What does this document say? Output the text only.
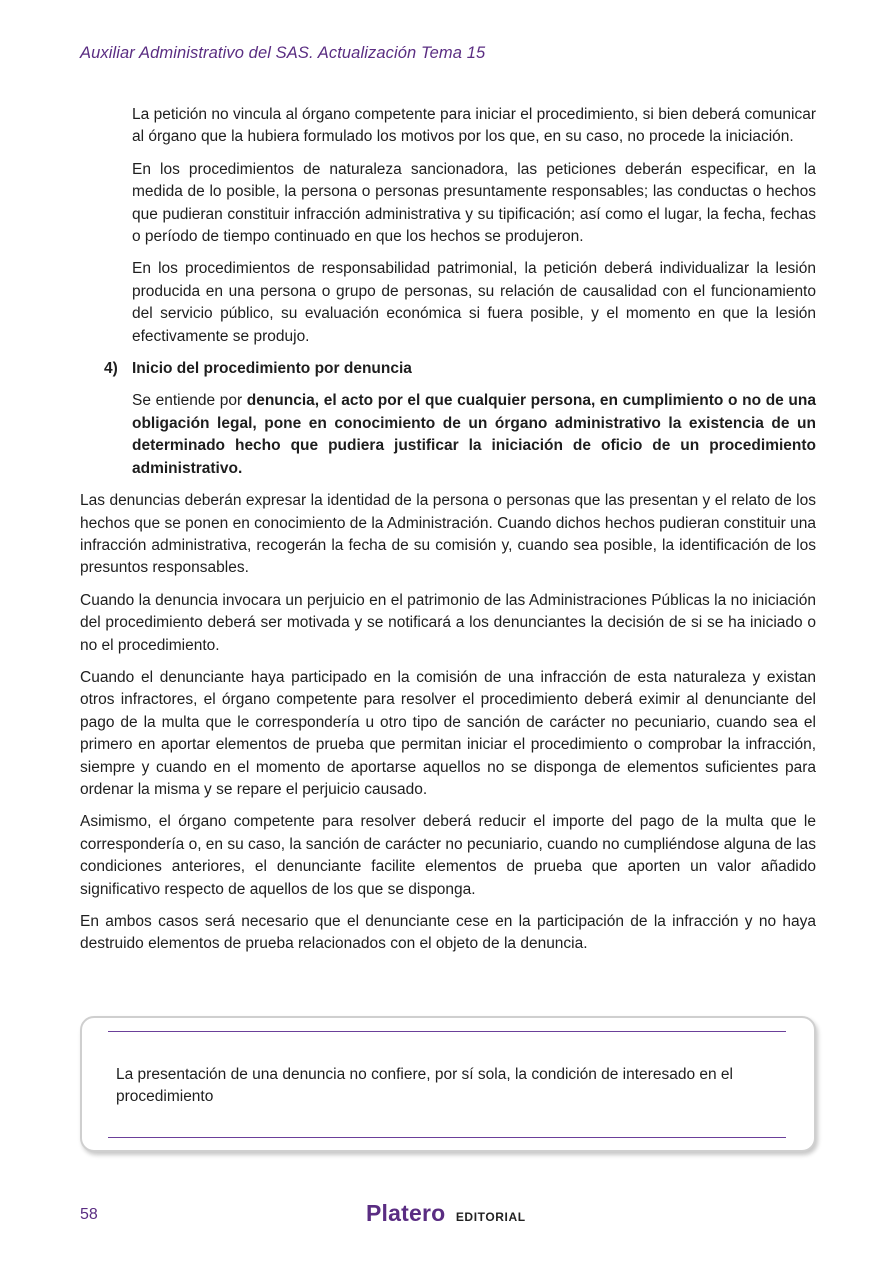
Auxiliar Administrativo del SAS. Actualización Tema 15

La petición no vincula al órgano competente para iniciar el procedimiento, si bien deberá comunicar al órgano que la hubiera formulado los motivos por los que, en su caso, no procede la iniciación.

En los procedimientos de naturaleza sancionadora, las peticiones deberán especificar, en la medida de lo posible, la persona o personas presuntamente responsables; las conductas o hechos que pudieran constituir infracción administrativa y su tipificación; así como el lugar, la fecha, fechas o período de tiempo continuado en que los hechos se produjeron.

En los procedimientos de responsabilidad patrimonial, la petición deberá individualizar la lesión producida en una persona o grupo de personas, su relación de causalidad con el funcionamiento del servicio público, su evaluación económica si fuera posible, y el momento en que la lesión efectivamente se produjo.

4) Inicio del procedimiento por denuncia

Se entiende por denuncia, el acto por el que cualquier persona, en cumplimiento o no de una obligación legal, pone en conocimiento de un órgano administrativo la existencia de un determinado hecho que pudiera justificar la iniciación de oficio de un procedimiento administrativo.

Las denuncias deberán expresar la identidad de la persona o personas que las presentan y el relato de los hechos que se ponen en conocimiento de la Administración. Cuando dichos hechos pudieran constituir una infracción administrativa, recogerán la fecha de su comisión y, cuando sea posible, la identificación de los presuntos responsables.

Cuando la denuncia invocara un perjuicio en el patrimonio de las Administraciones Públicas la no iniciación del procedimiento deberá ser motivada y se notificará a los denunciantes la decisión de si se ha iniciado o no el procedimiento.

Cuando el denunciante haya participado en la comisión de una infracción de esta naturaleza y existan otros infractores, el órgano competente para resolver el procedimiento deberá eximir al denunciante del pago de la multa que le correspondería u otro tipo de sanción de carácter no pecuniario, cuando sea el primero en aportar elementos de prueba que permitan iniciar el procedimiento o comprobar la infracción, siempre y cuando en el momento de aportarse aquellos no se disponga de elementos suficientes para ordenar la misma y se repare el perjuicio causado.

Asimismo, el órgano competente para resolver deberá reducir el importe del pago de la multa que le correspondería o, en su caso, la sanción de carácter no pecuniario, cuando no cumpliéndose alguna de las condiciones anteriores, el denunciante facilite elementos de prueba que aporten un valor añadido significativo respecto de aquellos de los que se disponga.

En ambos casos será necesario que el denunciante cese en la participación de la infracción y no haya destruido elementos de prueba relacionados con el objeto de la denuncia.

La presentación de una denuncia no confiere, por sí sola, la condición de interesado en el procedimiento
58	Platero EDITORIAL
